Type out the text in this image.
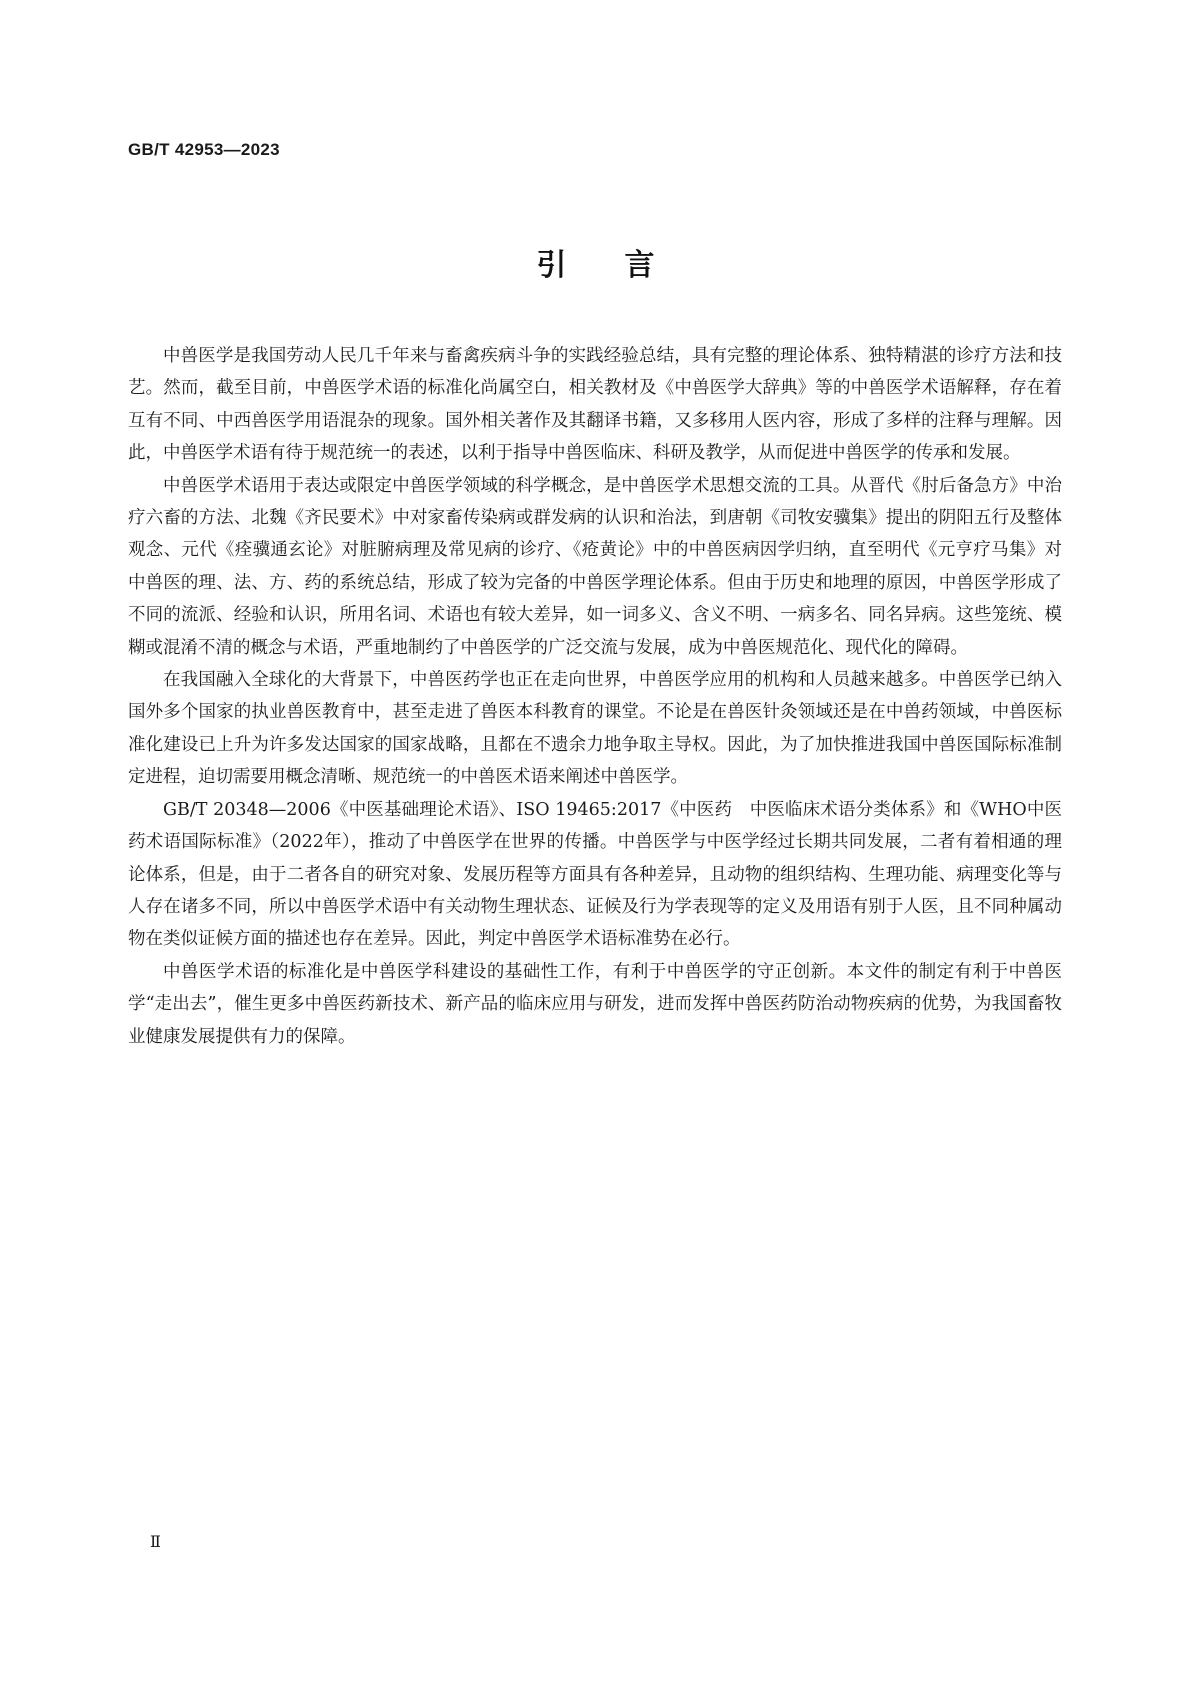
GB/T 42953—2023
引言

中兽医学是我国劳动人民几千年来与畜禽疾病斗争的实践经验总结，具有完整的理论体系、独特精湛的诊疗方法和技艺。然而，截至目前，中兽医学术语的标准化尚属空白，相关教材及《中兽医学大辞典》等的中兽医学术语解释，存在着互有不同、中西兽医学用语混杂的现象。国外相关著作及其翻译书籍，又多移用人医内容，形成了多样的注释与理解。因此，中兽医学术语有待于规范统一的表述，以利于指导中兽医临床、科研及教学，从而促进中兽医学的传承和发展。

中兽医学术语用于表达或限定中兽医学领域的科学概念，是中兽医学术思想交流的工具。从晋代《肘后备急方》中治疗六畜的方法、北魏《齐民要术》中对家畜传染病或群发病的认识和治法，到唐朝《司牧安骥集》提出的阴阳五行及整体观念、元代《痊骥通玄论》对脏腑病理及常见病的诊疗、《疮黄论》中的中兽医病因学归纳，直至明代《元亨疗马集》对中兽医的理、法、方、药的系统总结，形成了较为完备的中兽医学理论体系。但由于历史和地理的原因，中兽医学形成了不同的流派、经验和认识，所用名词、术语也有较大差异，如一词多义、含义不明、一病多名、同名异病。这些笼统、模糊或混淆不清的概念与术语，严重地制约了中兽医学的广泛交流与发展，成为中兽医规范化、现代化的障碍。

在我国融入全球化的大背景下，中兽医药学也正在走向世界，中兽医学应用的机构和人员越来越多。中兽医学已纳入国外多个国家的执业兽医教育中，甚至走进了兽医本科教育的课堂。不论是在兽医针灸领域还是在中兽药领域，中兽医标准化建设已上升为许多发达国家的国家战略，且都在不遗余力地争取主导权。因此，为了加快推进我国中兽医国际标准制定进程，迫切需要用概念清晰、规范统一的中兽医术语来阐述中兽医学。

GB/T 20348—2006《中医基础理论术语》、ISO 19465:2017《中医药　中医临床术语分类体系》和《WHO中医药术语国际标准》（2022年），推动了中兽医学在世界的传播。中兽医学与中医学经过长期共同发展，二者有着相通的理论体系，但是，由于二者各自的研究对象、发展历程等方面具有各种差异，且动物的组织结构、生理功能、病理变化等与人存在诸多不同，所以中兽医学术语中有关动物生理状态、证候及行为学表现等的定义及用语有别于人医，且不同种属动物在类似证候方面的描述也存在差异。因此，判定中兽医学术语标准势在必行。

中兽医学术语的标准化是中兽医学科建设的基础性工作，有利于中兽医学的守正创新。本文件的制定有利于中兽医学“走出去”，催生更多中兽医药新技术、新产品的临床应用与研发，进而发挥中兽医药防治动物疾病的优势，为我国畜牧业健康发展提供有力的保障。

Ⅱ
